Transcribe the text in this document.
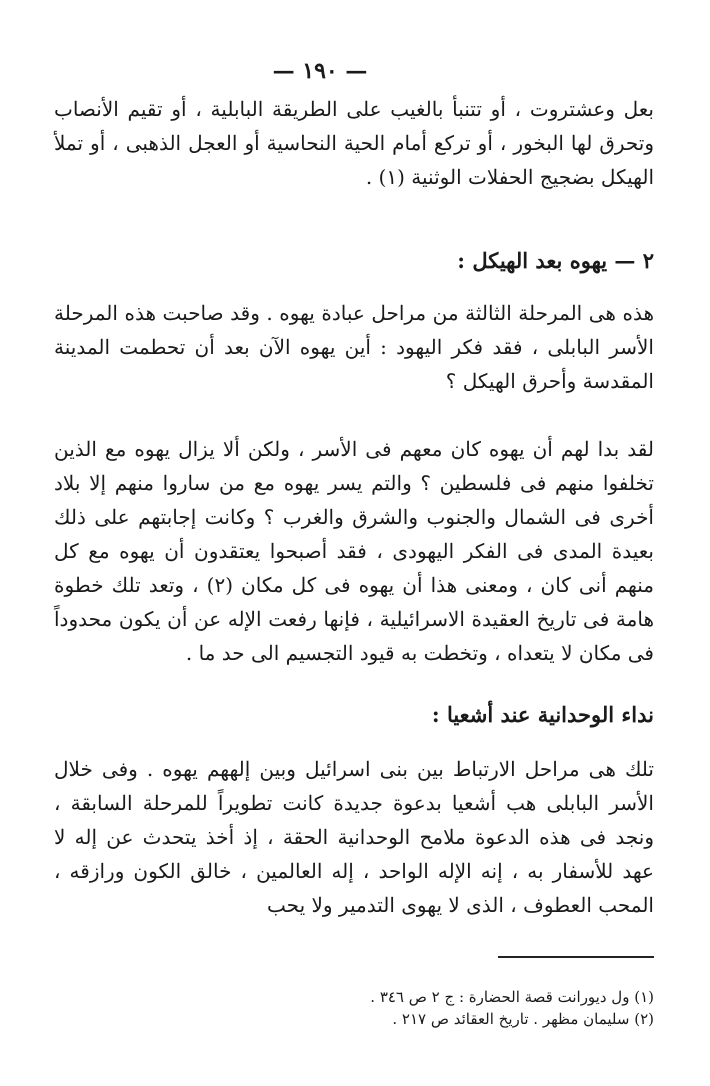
— ١٩٠ —

بعل وعشتروت ، أو تتنبأ بالغيب على الطريقة البابلية ، أو تقيم الأنصاب وتحرق لها البخور ، أو تركع أمام الحية النحاسية أو العجل الذهبى ، أو تملأ الهيكل بضجيج الحفلات الوثنية (١) .

٢ — يهوه بعد الهيكل :

هذه هى المرحلة الثالثة من مراحل عبادة يهوه . وقد صاحبت هذه المرحلة الأسر البابلى ، فقد فكر اليهود : أين يهوه الآن بعد أن تحطمت المدينة المقدسة وأحرق الهيكل ؟

لقد بدا لهم أن يهوه كان معهم فى الأسر ، ولكن ألا يزال يهوه مع الذين تخلفوا منهم فى فلسطين ؟ والتم يسر يهوه مع من ساروا منهم إلا بلاد أخرى فى الشمال والجنوب والشرق والغرب ؟ وكانت إجابتهم على ذلك بعيدة المدى فى الفكر اليهودى ، فقد أصبحوا يعتقدون أن يهوه مع كل منهم أنى كان ، ومعنى هذا أن يهوه فى كل مكان (٢) ، وتعد تلك خطوة هامة فى تاريخ العقيدة الاسرائيلية ، فإنها رفعت الإله عن أن يكون محدوداً فى مكان لا يتعداه ، وتخطت به قيود التجسيم الى حد ما .

نداء الوحدانية عند أشعيا :

تلك هى مراحل الارتباط بين بنى اسرائيل وبين إلههم يهوه . وفى خلال الأسر البابلى هب أشعيا بدعوة جديدة كانت تطويراً للمرحلة السابقة ، ونجد فى هذه الدعوة ملامح الوحدانية الحقة ، إذ أخذ يتحدث عن إله لا عهد للأسفار به ، إنه الإله الواحد ، إله العالمين ، خالق الكون ورازقه ، المحب العطوف ، الذى لا يهوى التدمير ولا يحب

(١) ول ديورانت قصة الحضارة : ج ٢ ص ٣٤٦ .
(٢) سليمان مظهر . تاريخ العقائد ص ٢١٧ .
